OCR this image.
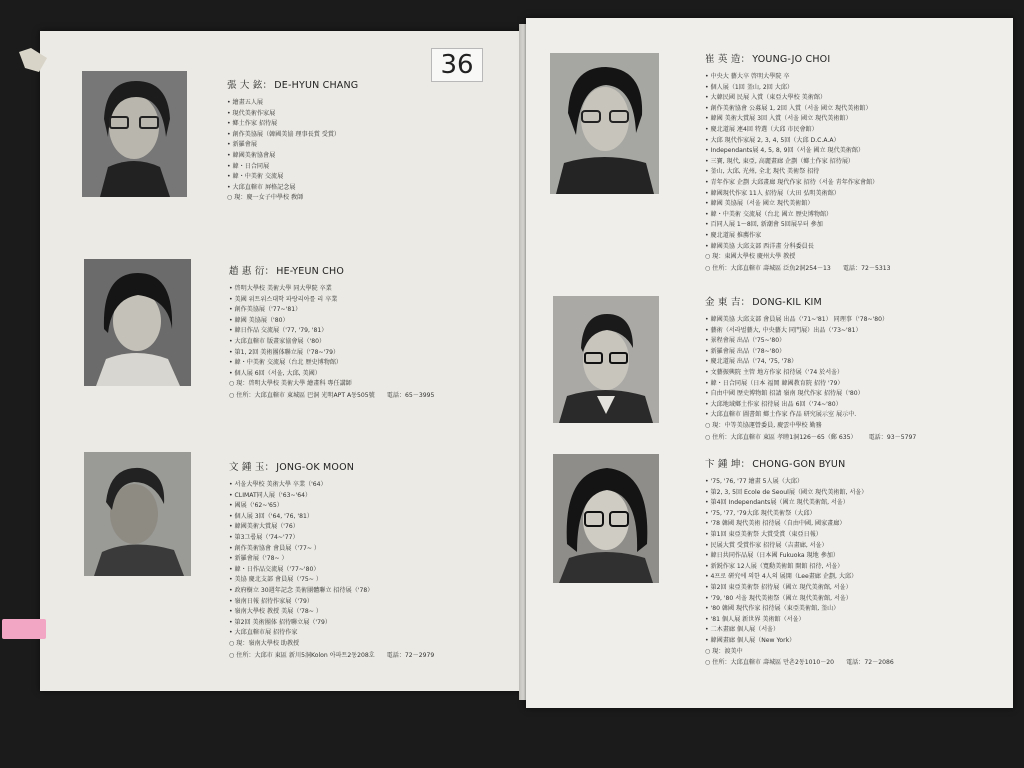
36
張 大 鉉： DE-HYUN CHANG
• 繪畫五人展
• 現代美術作家展
• 鄕土作家 招待展
• 創作美協展（韓國美協 理事長賞 受賞）
• 新羅會展
• 韓國美術協會展
• 韓・日合同展
• 韓・中美術 交流展
• 大邱直轄市 屛格記念展
○ 現：慶一女子中學校 敎師
趙 惠 衍： HE-YEUN CHO
• 啓明大學校 美術大學 同大學院 卒業
• 美國 위트위스대학 파랑리아를 리 卒業
• 創作美協展（'77~'81）
• 韓國 美協展（'80）
• 韓日作品 交流展（'77, '79, '81）
• 大邱直轄市 版畫家協會展（'80）
• 第1, 2回 美術團体聯立展（'78~'79）
• 韓・中美術 交流展（台北 歷史博物館）
• 個人展 6回（서울, 大邱, 美國）
○ 現：啓明大學校 美術大學 繪畫科 專任講師
○ 住所：大邱直轄市 東城區 巴洞 光明APT A동505號 電話：65－3995
文 鍾 玉： JONG-OK MOON
• 서울大學校 美術大學 卒業（'64）
• CLIMAT同人展（'63~'64）
• 國展（'62~'65）
• 個人展 3回（'64, '76, '81）
• 韓國美術大賞展（'76）
• 第3그룹展（'74~'77）
• 創作美術協會 會員展（'77~ ）
• 新羅會展（'78~ ）
• 韓・日作品交流展（'77~'80）
• 美協 慶北支部 會員展（'75~ ）
• 政府樹立 30週年記念 美術團體聯立 招待展（'78）
• 嶺南日報 招待作家展（'79）
• 嶺南大學校 教授 美展（'78~ ）
• 第2回 美術團体 招待聯立展（'79）
• 大邱直轄市展 招待作家
○ 現：嶺南大學校 助教授
○ 住所：大邱市 東區 新川5洞Kolon 아파트2동208호 電話：72－2979
崔 英 造： YOUNG-JO CHOI
• 中央大 藝大卒 啓明大學院 卒
• 個人展（1回 釜山, 2回 大邱）
• 大韓民國 民展 入賞（東亞大學校 美術館）
• 創作美術協會 公募展 1, 2回 入賞（서울 國立 現代美術館）
• 韓國 美術大賞展 3回 入賞（서울 國立 現代美術館）
• 慶北道展 連4回 特選（大邱 市民會館）
• 大邱 現代作家展 2, 3, 4, 5回（大邱 D.C.A.A）
• Independants展 4, 5, 8, 9回（서울 國立 現代美術館）
• 三寶, 現代, 東亞, 高麗畫廊 企劃（鄕土作家 招待展）
• 釜山, 大邱, 光州, 全北 現代 美術祭 招待
• 青年作家 企劃 大邱畫廊 現代作家 招待（서울 靑年作家會館）
• 韓國現代作家 11人 招待展（大田 弘明美術館）
• 韓國 美協展（서울 國立 現代美術館）
• 韓・中美術 交流展（台北 國立 歷史博物館）
• 百同人展 1～8回, 新潮會 5回展부터 參加
• 慶北道展 推薦作家
• 韓國美協 大邱支部 西洋畫 分科委員長
○ 現：東國大學校 慶州大學 教授
○ 住所：大邱直轄市 壽城區 泛魚2洞254－13 電話：72－5313
金 東 吉： DONG-KIL KIM
• 韓國美協 大邱支部 會員展 出品（'71~'81） 同理事（'78~'80）
• 藝術（서라벌藝大, 中央藝大 同門展）出品（'73~'81）
• 景程會展 出品（'75~'80）
• 新羅會展 出品（'78~'80）
• 慶北道展 出品（'74, '75, '78）
• 文藝振興院 主管 地方作家 招待展（'74 於서울）
• 韓・日合同展（日本 福岡 韓國教育院 招待 '79）
• 自由中國 歷史博物館 招請 嶺南 現代作家 招待展（'80）
• 大邱地域鄕土作家 招待展 出品 6回（'74~'80）
• 大邱直轄市 圖書館 鄕土作家 作品 研究展示室 展示中.
○ 現：中等美協運營委員, 慶雲中學校 勤務
○ 住所：大邱直轄市 東區 孝睦1洞126－65（郵 635） 電話：93－5797
卞 鍾 坤： CHONG-GON BYUN
• '75, '76, '77 繪畫 5人展（大邱）
• 第2, 3, 5回 Ecole de Seoul展（國立 現代美術館, 서울）
• 第4回 Independants展（國立 現代美術館, 서울）
• '75, '77, '79大邱 現代美術祭（大邱）
• '78 韓國 現代美術 招待展（自由中國, 國家畫廊）
• 第1回 東亞美術祭 大賞受賞（東亞日報）
• 民展大賞 受賞作家 招待展（吉畫廊, 서울）
• 韓日共同作品展（日本國 Fukuoka 現地 參加）
• 新鋭作家 12人展（寬勳美術館 開館 招待, 서울）
• 4프로 硏究에 의한 4人의 展開（Lee畫廊 企劃, 大邱）
• 第2回 東亞美術祭 招待展（國立 現代美術館, 서울）
• '79, '80 서울 現代美術祭（國立 現代美術館, 서울）
• '80 韓國 現代作家 招待展（東亞美術館, 釜山）
• '81 個人展 新世界 美術館（서울）
• 二木畫廊 個人展（서울）
• 韓國畫廊 個人展（New York）
○ 現：渡美中
○ 住所：大邱直轄市 壽城區 만촌2동1010－20 電話：72－2086
